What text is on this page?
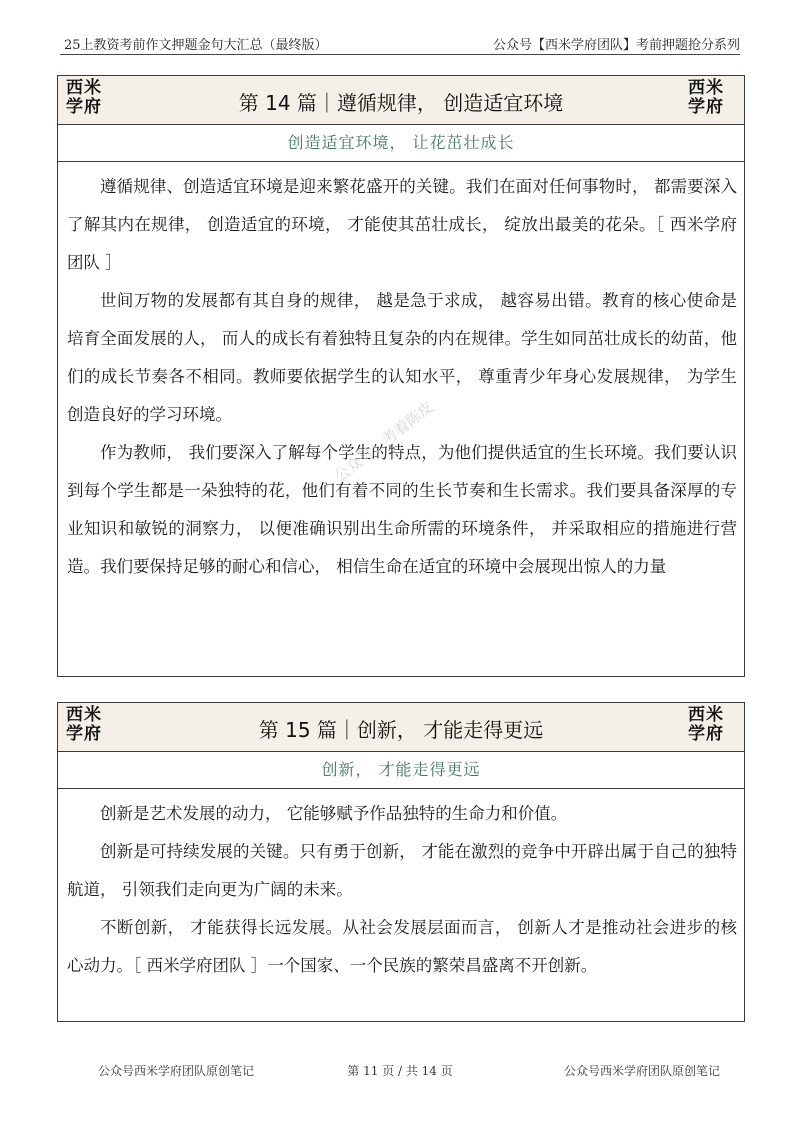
25上教资考前作文押题金句大汇总（最终版）	公众号【西米学府团队】考前押题抢分系列
西米
学府	第 14 篇｜遵循规律， 创造适宜环境
西米
学府
创造适宜环境， 让花茁壮成长

遵循规律、创造适宜环境是迎来繁花盛开的关键。我们在面对任何事物时， 都需要深入了解其内在规律， 创造适宜的环境， 才能使其茁壮成长， 绽放出最美的花朵。［ 西米学府团队 ］

世间万物的发展都有其自身的规律， 越是急于求成， 越容易出错。教育的核心使命是培育全面发展的人， 而人的成长有着独特且复杂的内在规律。学生如同茁壮成长的幼苗，他们的成长节奏各不相同。教师要依据学生的认知水平， 尊重青少年身心发展规律， 为学生创造良好的学习环境。

作为教师， 我们要深入了解每个学生的特点，为他们提供适宜的生长环境。我们要认识到每个学生都是一朵独特的花，他们有着不同的生长节奏和生长需求。我们要具备深厚的专业知识和敏锐的洞察力， 以便准确识别出生命所需的环境条件， 并采取相应的措施进行营造。我们要保持足够的耐心和信心， 相信生命在适宜的环境中会展现出惊人的力量

公众号：考着陈皮
西米
学府	第 15 篇｜创新， 才能走得更远
西米
学府
创新， 才能走得更远

创新是艺术发展的动力， 它能够赋予作品独特的生命力和价值。

创新是可持续发展的关键。只有勇于创新， 才能在激烈的竞争中开辟出属于自己的独特航道， 引领我们走向更为广阔的未来。

不断创新， 才能获得长远发展。从社会发展层面而言， 创新人才是推动社会进步的核心动力。［ 西米学府团队 ］一个国家、一个民族的繁荣昌盛离不开创新。

公众号西米学府团队原创笔记	第 11 页 / 共 14 页	公众号西米学府团队原创笔记
